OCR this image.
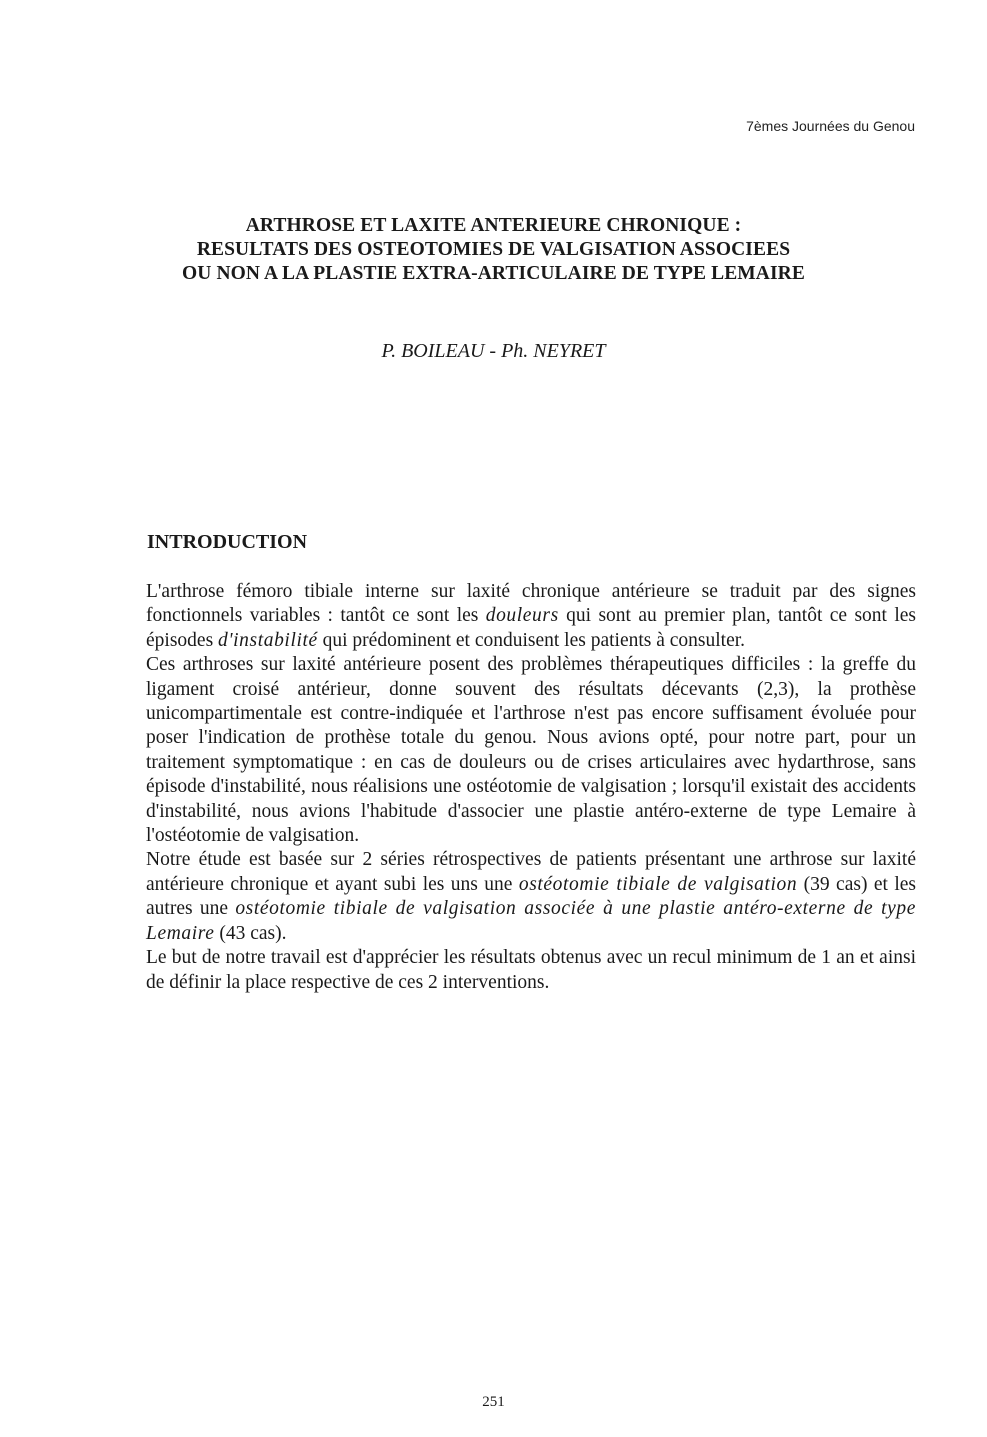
7èmes Journées du Genou
ARTHROSE ET LAXITE ANTERIEURE CHRONIQUE :
RESULTATS DES OSTEOTOMIES DE VALGISATION ASSOCIEES
OU NON A LA PLASTIE EXTRA-ARTICULAIRE DE TYPE LEMAIRE
P. BOILEAU - Ph. NEYRET
INTRODUCTION

L'arthrose fémoro tibiale interne sur laxité chronique antérieure se traduit par des signes fonctionnels variables : tantôt ce sont les douleurs qui sont au premier plan, tantôt ce sont les épisodes d'instabilité qui prédominent et conduisent les patients à consulter.

Ces arthroses sur laxité antérieure posent des problèmes thérapeutiques difficiles : la greffe du ligament croisé antérieur, donne souvent des résultats décevants (2,3), la prothèse unicompartimentale est contre-indiquée et l'arthrose n'est pas encore suffisament évoluée pour poser l'indication de prothèse totale du genou. Nous avions opté, pour notre part, pour un traitement symptomatique : en cas de douleurs ou de crises articulaires avec hydarthrose, sans épisode d'instabilité, nous réalisions une ostéotomie de valgisation ; lorsqu'il existait des accidents d'instabilité, nous avions l'habitude d'associer une plastie antéro-externe de type Lemaire à l'ostéotomie de valgisation.

Notre étude est basée sur 2 séries rétrospectives de patients présentant une arthrose sur laxité antérieure chronique et ayant subi les uns une ostéotomie tibiale de valgisation (39 cas) et les autres une ostéotomie tibiale de valgisation associée à une plastie antéro-externe de type Lemaire (43 cas).

Le but de notre travail est d'apprécier les résultats obtenus avec un recul minimum de 1 an et ainsi de définir la place respective de ces 2 interventions.

251
